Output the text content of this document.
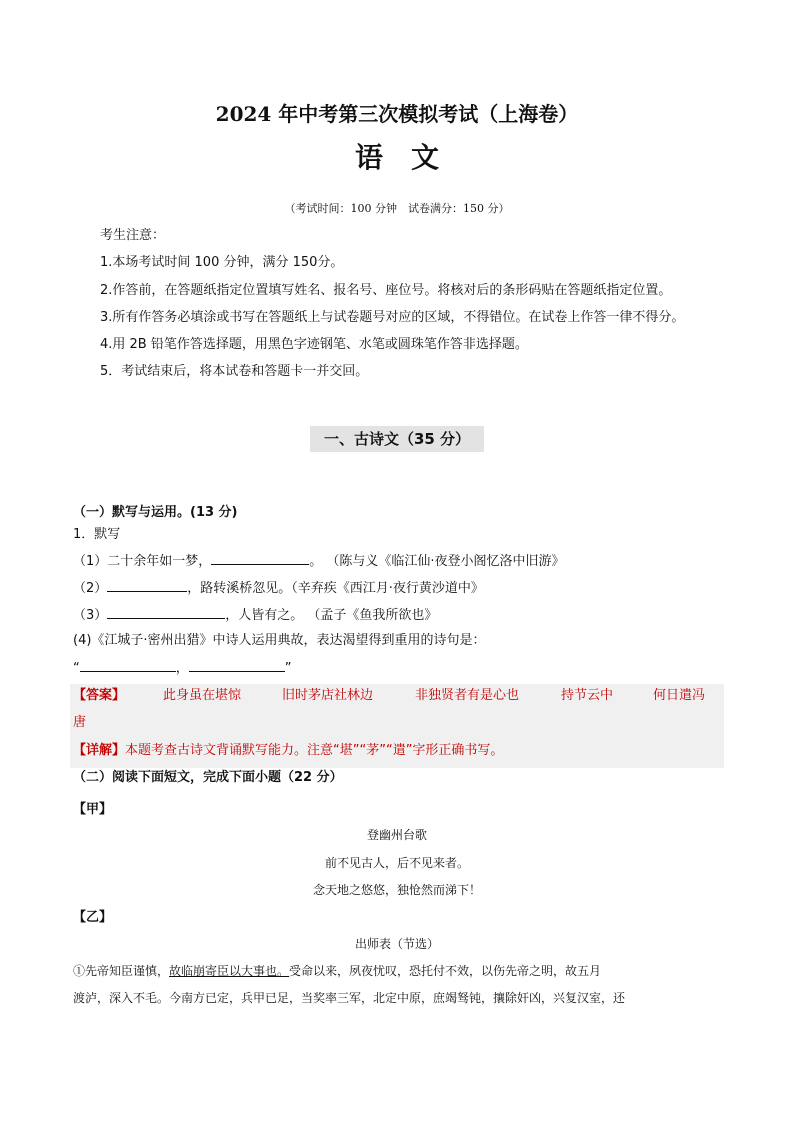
2024 年中考第三次模拟考试（上海卷）
语文
（考试时间：100 分钟　试卷满分：150 分）
考生注意：
1.本场考试时间 100 分钟，满分 150分。
2.作答前，在答题纸指定位置填写姓名、报名号、座位号。将核对后的条形码贴在答题纸指定位置。
3.所有作答务必填涂或书写在答题纸上与试卷题号对应的区域，不得错位。在试卷上作答一律不得分。
4.用 2B 铅笔作答选择题，用黑色字迹钢笔、水笔或圆珠笔作答非选择题。
5．考试结束后，将本试卷和答题卡一并交回。
一、古诗文（35 分）
（一）默写与运用。(13 分)
1．默写
（1）二十余年如一梦，	。 （陈与义《临江仙·夜登小阁忆洛中旧游》
（2）	，路转溪桥忽见。（辛弃疾《西江月·夜行黄沙道中》
（3）	，人皆有之。 （孟子《鱼我所欲也》
(4)《江城子·密州出猎》中诗人运用典故，表达渴望得到重用的诗句是：
“	，	”
【答案】	此身虽在堪惊	旧时茅店社林边	非独贤者有是心也	持节云中	何日遣冯
唐
【详解】本题考查古诗文背诵默写能力。注意“堪”“茅”“遣”字形正确书写。
（二）阅读下面短文，完成下面小题（22 分）
【甲】
登幽州台歌
前不见古人，后不见来者。
念天地之悠悠，独怆然而涕下！
【乙】
出师表（节选）
①先帝知臣谨慎，故临崩寄臣以大事也。受命以来，夙夜忧叹，恐托付不效，以伤先帝之明，故五月
渡泸，深入不毛。今南方已定，兵甲已足，当奖率三军，北定中原，庶竭驽钝，攘除奸凶，兴复汉室，还
